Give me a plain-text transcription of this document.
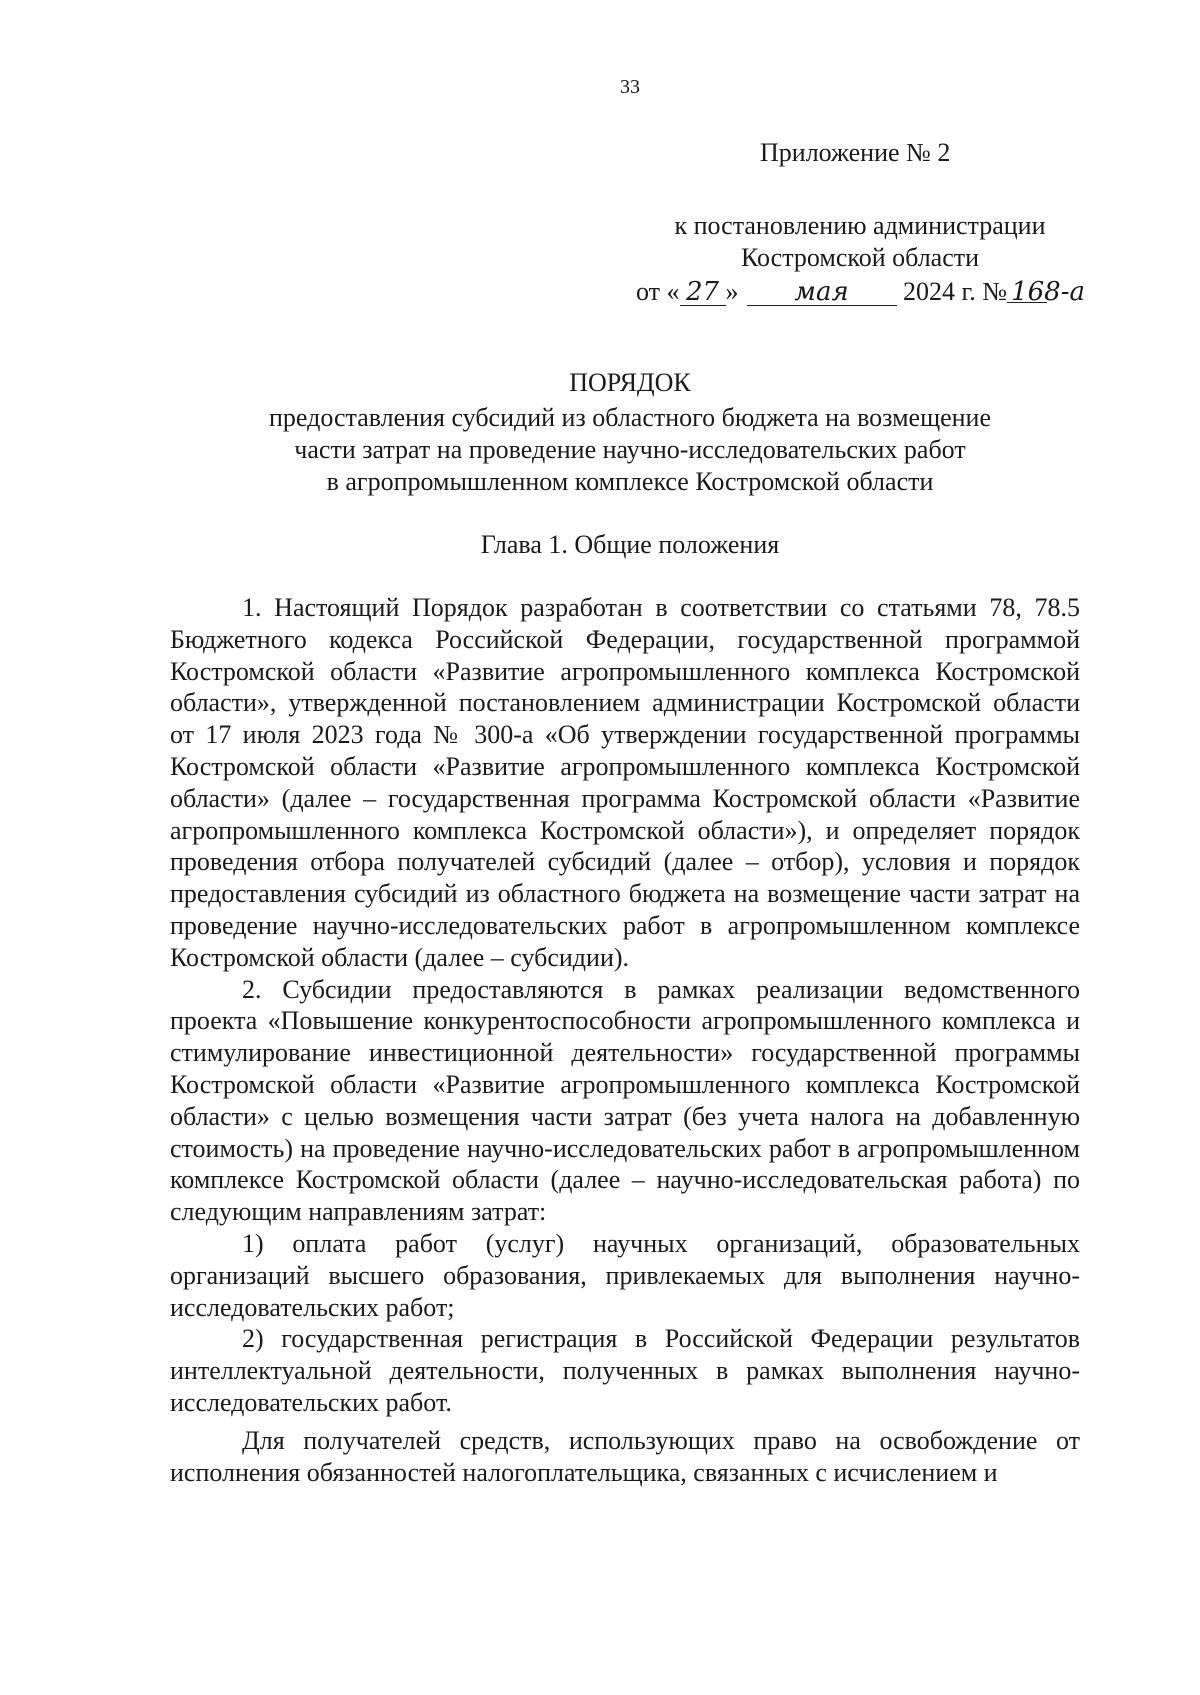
33
Приложение № 2
к постановлению администрации
Костромской области
от « 27 » мая 2024 г. № 168-а
ПОРЯДОК
предоставления субсидий из областного бюджета на возмещение
части затрат на проведение научно-исследовательских работ
в агропромышленном комплексе Костромской области
Глава 1. Общие положения

1. Настоящий Порядок разработан в соответствии со статьями 78, 78.5 Бюджетного кодекса Российской Федерации, государственной программой Костромской области «Развитие агропромышленного комплекса Костромской области», утвержденной постановлением администрации Костромской области от 17 июля 2023 года № 300-а «Об утверждении государственной программы Костромской области «Развитие агропромышленного комплекса Костромской области» (далее – государственная программа Костромской области «Развитие агропромышленного комплекса Костромской области»), и определяет порядок проведения отбора получателей субсидий (далее – отбор), условия и порядок предоставления субсидий из областного бюджета на возмещение части затрат на проведение научно-исследовательских работ в агропромышленном комплексе Костромской области (далее – субсидии).

2. Субсидии предоставляются в рамках реализации ведомственного проекта «Повышение конкурентоспособности агропромышленного комплекса и стимулирование инвестиционной деятельности» государственной программы Костромской области «Развитие агропромышленного комплекса Костромской области» с целью возмещения части затрат (без учета налога на добавленную стоимость) на проведение научно-исследовательских работ в агропромышленном комплексе Костромской области (далее – научно-исследовательская работа) по следующим направлениям затрат:

1) оплата работ (услуг) научных организаций, образовательных организаций высшего образования, привлекаемых для выполнения научно-исследовательских работ;

2) государственная регистрация в Российской Федерации результатов интеллектуальной деятельности, полученных в рамках выполнения научно-исследовательских работ.

Для получателей средств, использующих право на освобождение от исполнения обязанностей налогоплательщика, связанных с исчислением и
